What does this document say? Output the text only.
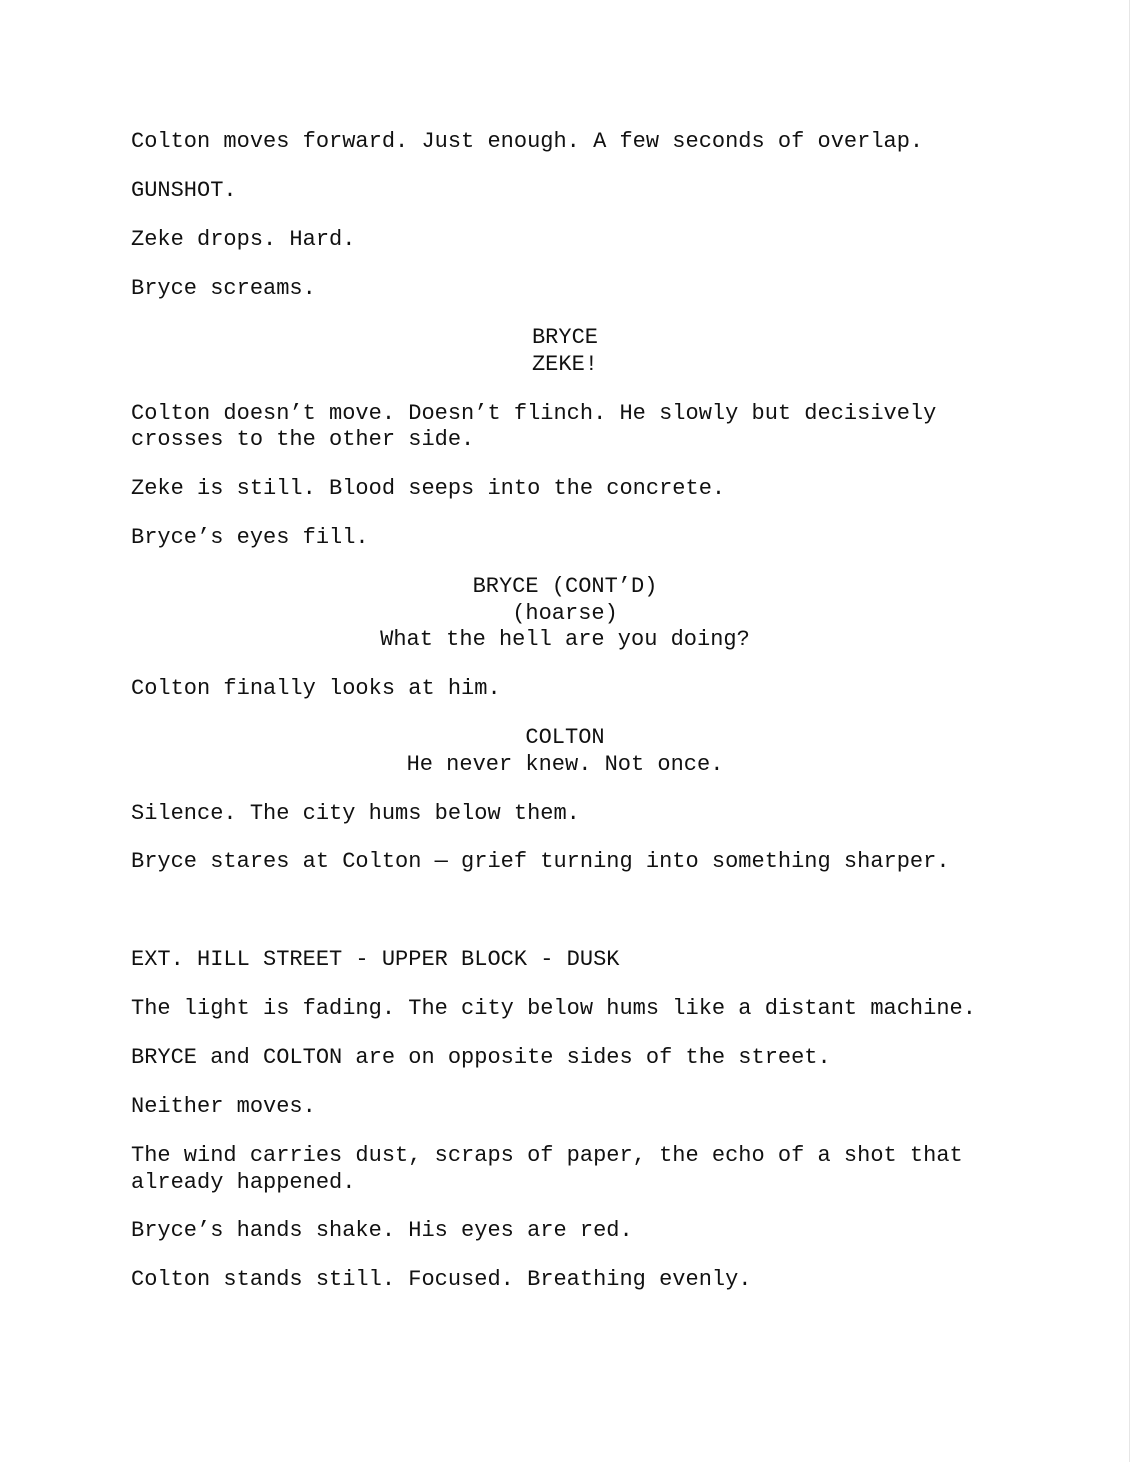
Colton moves forward. Just enough. A few seconds of overlap.

GUNSHOT.

Zeke drops. Hard.

Bryce screams.

BRYCE

ZEKE!

Colton doesn’t move. Doesn’t flinch. He slowly but decisively

crosses to the other side.

Zeke is still. Blood seeps into the concrete.

Bryce’s eyes fill.

BRYCE (CONT’D)

(hoarse)

What the hell are you doing?

Colton finally looks at him.

COLTON

He never knew. Not once.

Silence. The city hums below them.

Bryce stares at Colton — grief turning into something sharper.

EXT. HILL STREET - UPPER BLOCK - DUSK

The light is fading. The city below hums like a distant machine.

BRYCE and COLTON are on opposite sides of the street.

Neither moves.

The wind carries dust, scraps of paper, the echo of a shot that

already happened.

Bryce’s hands shake. His eyes are red.

Colton stands still. Focused. Breathing evenly.
